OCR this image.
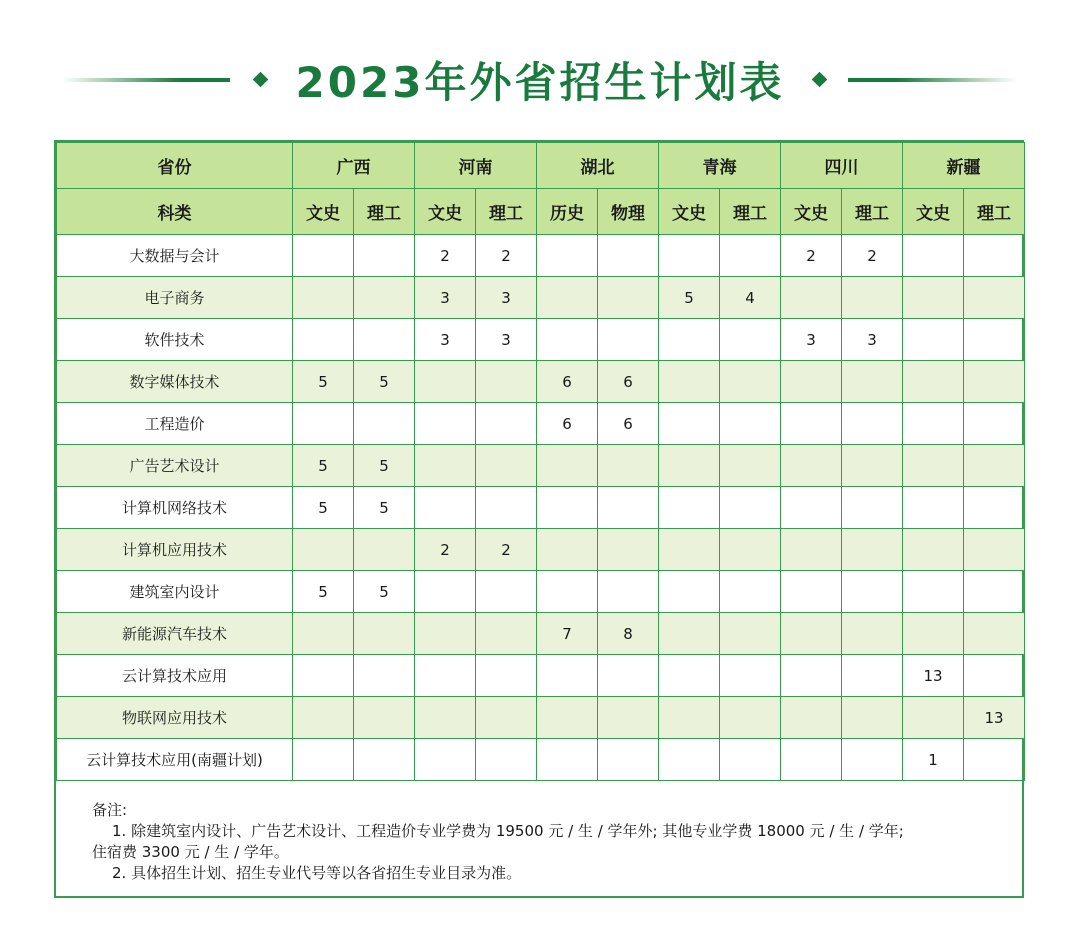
2023年外省招生计划表
省份	广西		河南		湖北		青海		四川		新疆	
科类	文史	理工	文史	理工	历史	物理	文史	理工	文史	理工	文史	理工
大数据与会计			2	2					2	2		
电子商务			3	3			5	4				
软件技术			3	3					3	3		
数字媒体技术	5	5			6	6						
工程造价					6	6						
广告艺术设计	5	5										
计算机网络技术	5	5										
计算机应用技术			2	2								
建筑室内设计	5	5										
新能源汽车技术					7	8						
云计算技术应用											13	
物联网应用技术												13
云计算技术应用(南疆计划)											1	
备注:
1. 除建筑室内设计、广告艺术设计、工程造价专业学费为 19500 元 / 生 / 学年外; 其他专业学费 18000 元 / 生 / 学年;
住宿费 3300 元 / 生 / 学年。
2. 具体招生计划、招生专业代号等以各省招生专业目录为准。
